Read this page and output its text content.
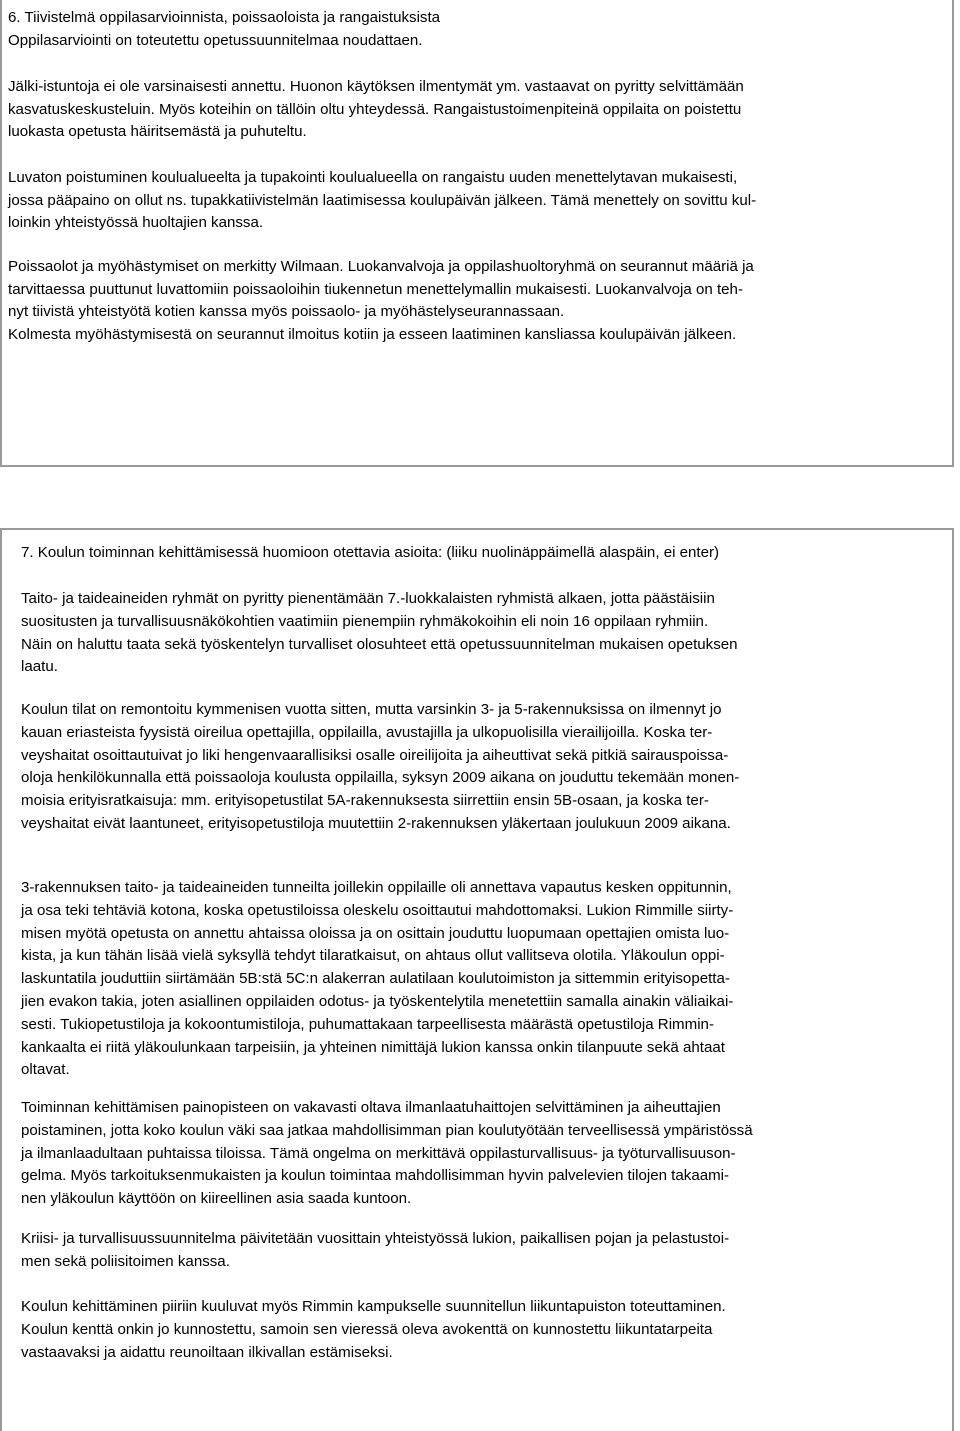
6. Tiivistelmä oppilasarvioinnista, poissaoloista ja rangaistuksista

Oppilasarviointi on toteutettu opetussuunnitelmaa noudattaen.

Jälki-istuntoja ei ole varsinaisesti annettu. Huonon käytöksen ilmentymät ym. vastaavat on pyritty selvittämään

kasvatuskeskusteluin. Myös koteihin on tällöin oltu yhteydessä. Rangaistustoimenpiteinä oppilaita on poistettu

luokasta opetusta häiritsemästä ja puhuteltu.

Luvaton poistuminen koulualueelta ja tupakointi koulualueella on rangaistu uuden menettelytavan mukaisesti,

jossa pääpaino on ollut ns. tupakkatiivistelmän laatimisessa koulupäivän jälkeen. Tämä menettely on sovittu kul-

loinkin yhteistyössä huoltajien kanssa.

Poissaolot ja myöhästymiset on merkitty Wilmaan. Luokanvalvoja ja oppilashuoltoryhmä on seurannut määriä ja

tarvittaessa puuttunut luvattomiin poissaoloihin tiukennetun menettelymallin mukaisesti. Luokanvalvoja on teh-

nyt tiivistä yhteistyötä kotien kanssa myös poissaolo- ja myöhästelyseurannassaan.

Kolmesta myöhästymisestä on seurannut ilmoitus kotiin ja esseen laatiminen kansliassa koulupäivän jälkeen.

7. Koulun toiminnan kehittämisessä huomioon otettavia asioita: (liiku nuolinäppäimellä alaspäin, ei enter)

Taito- ja taideaineiden ryhmät on pyritty pienentämään 7.-luokkalaisten ryhmistä alkaen, jotta päästäisiin

suositusten ja turvallisuusnäkökohtien vaatimiin pienempiin ryhmäkokoihin eli noin 16 oppilaan ryhmiin.

Näin on haluttu taata sekä työskentelyn turvalliset olosuhteet että opetussuunnitelman mukaisen opetuksen

laatu.

Koulun tilat on remontoitu kymmenisen vuotta sitten, mutta varsinkin 3- ja 5-rakennuksissa on ilmennyt jo

kauan eriasteista fyysistä oireilua opettajilla, oppilailla, avustajilla ja ulkopuolisilla vierailijoilla. Koska ter-

veyshaitat osoittautuivat jo liki hengenvaarallisiksi osalle oireilijoita ja aiheuttivat sekä pitkiä sairauspoissa-

oloja henkilökunnalla että poissaoloja koulusta oppilailla, syksyn 2009 aikana on jouduttu tekemään monen-

moisia erityisratkaisuja: mm. erityisopetustilat 5A-rakennuksesta siirrettiin ensin 5B-osaan, ja koska ter-

veyshaitat eivät laantuneet, erityisopetustiloja muutettiin 2-rakennuksen yläkertaan joulukuun 2009 aikana.

3-rakennuksen taito- ja taideaineiden tunneilta joillekin oppilaille oli annettava vapautus kesken oppitunnin,

ja osa teki tehtäviä kotona, koska opetustiloissa oleskelu osoittautui mahdottomaksi. Lukion Rimmille siirty-

misen myötä opetusta on annettu ahtaissa oloissa ja on osittain jouduttu luopumaan opettajien omista luo-

kista, ja kun tähän lisää vielä syksyllä tehdyt tilaratkaisut, on ahtaus ollut vallitseva olotila. Yläkoulun oppi-

laskuntatila jouduttiin siirtämään 5B:stä 5C:n alakerran aulatilaan koulutoimiston ja sittemmin erityisopetta-

jien evakon takia, joten asiallinen oppilaiden odotus- ja työskentelytila menetettiin samalla ainakin väliaikai-

sesti. Tukiopetustiloja ja kokoontumistiloja, puhumattakaan tarpeellisesta määrästä opetustiloja Rimmin-

kankaalta ei riitä yläkoulunkaan tarpeisiin, ja yhteinen nimittäjä lukion kanssa onkin tilanpuute sekä ahtaat

oltavat.

Toiminnan kehittämisen painopisteen on vakavasti oltava ilmanlaatuhaittojen selvittäminen ja aiheuttajien

poistaminen, jotta koko koulun väki saa jatkaa mahdollisimman pian koulutyötään terveellisessä ympäristössä

ja ilmanlaadultaan puhtaissa tiloissa. Tämä ongelma on merkittävä oppilasturvallisuus- ja työturvallisuuson-

gelma. Myös tarkoituksenmukaisten ja koulun toimintaa mahdollisimman hyvin palvelevien tilojen takaami-

nen yläkoulun käyttöön on kiireellinen asia saada kuntoon.

Kriisi- ja turvallisuussuunnitelma päivitetään vuosittain yhteistyössä lukion, paikallisen pojan ja pelastustoi-

men sekä poliisitoimen kanssa.

Koulun kehittäminen piiriin kuuluvat myös Rimmin kampukselle suunnitellun liikuntapuiston toteuttaminen.

Koulun kenttä onkin jo kunnostettu, samoin sen vieressä oleva avokenttä on kunnostettu liikuntatarpeita

vastaavaksi ja aidattu reunoiltaan ilkivallan estämiseksi.
